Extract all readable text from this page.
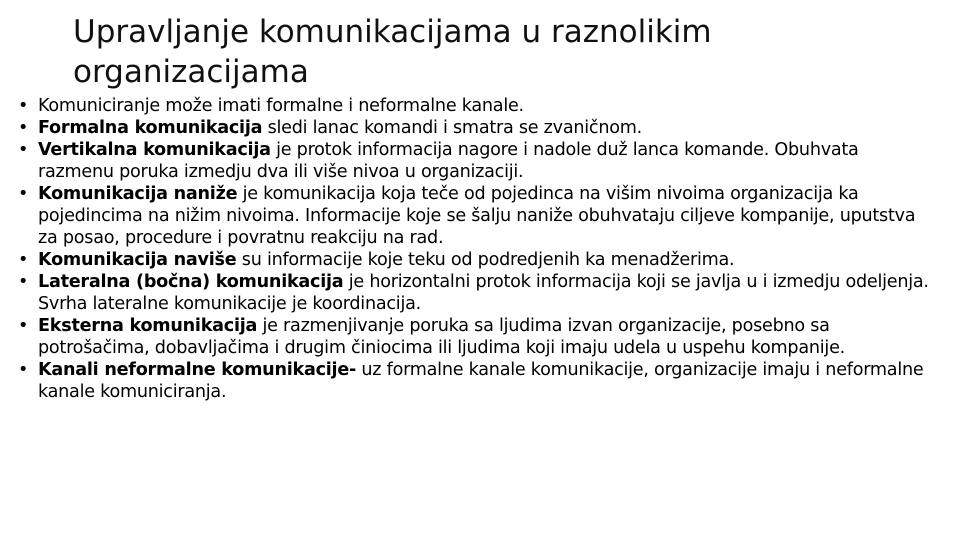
Upravljanje komunikacijama u raznolikim organizacijama
• Komuniciranje može imati formalne i neformalne kanale.
• Formalna komunikacija sledi lanac komandi i smatra se zvaničnom.
• Vertikalna komunikacija je protok informacija nagore i nadole duž lanca komande. Obuhvata razmenu poruka izmedju dva ili više nivoa u organizaciji.
• Komunikacija naniže je komunikacija koja teče od pojedinca na višim nivoima organizacija ka pojedincima na nižim nivoima. Informacije koje se šalju naniže obuhvataju ciljeve kompanije, uputstva za posao, procedure i povratnu reakciju na rad.
• Komunikacija naviše su informacije koje teku od podredjenih ka menadžerima.
• Lateralna (bočna) komunikacija je horizontalni protok informacija koji se javlja u i izmedju odeljenja. Svrha lateralne komunikacije je koordinacija.
• Eksterna komunikacija je razmenjivanje poruka sa ljudima izvan organizacije, posebno sa potrošačima, dobavljačima i drugim činiocima ili ljudima koji imaju udela u uspehu kompanije.
• Kanali neformalne komunikacije- uz formalne kanale komunikacije, organizacije imaju i neformalne kanale komuniciranja.
